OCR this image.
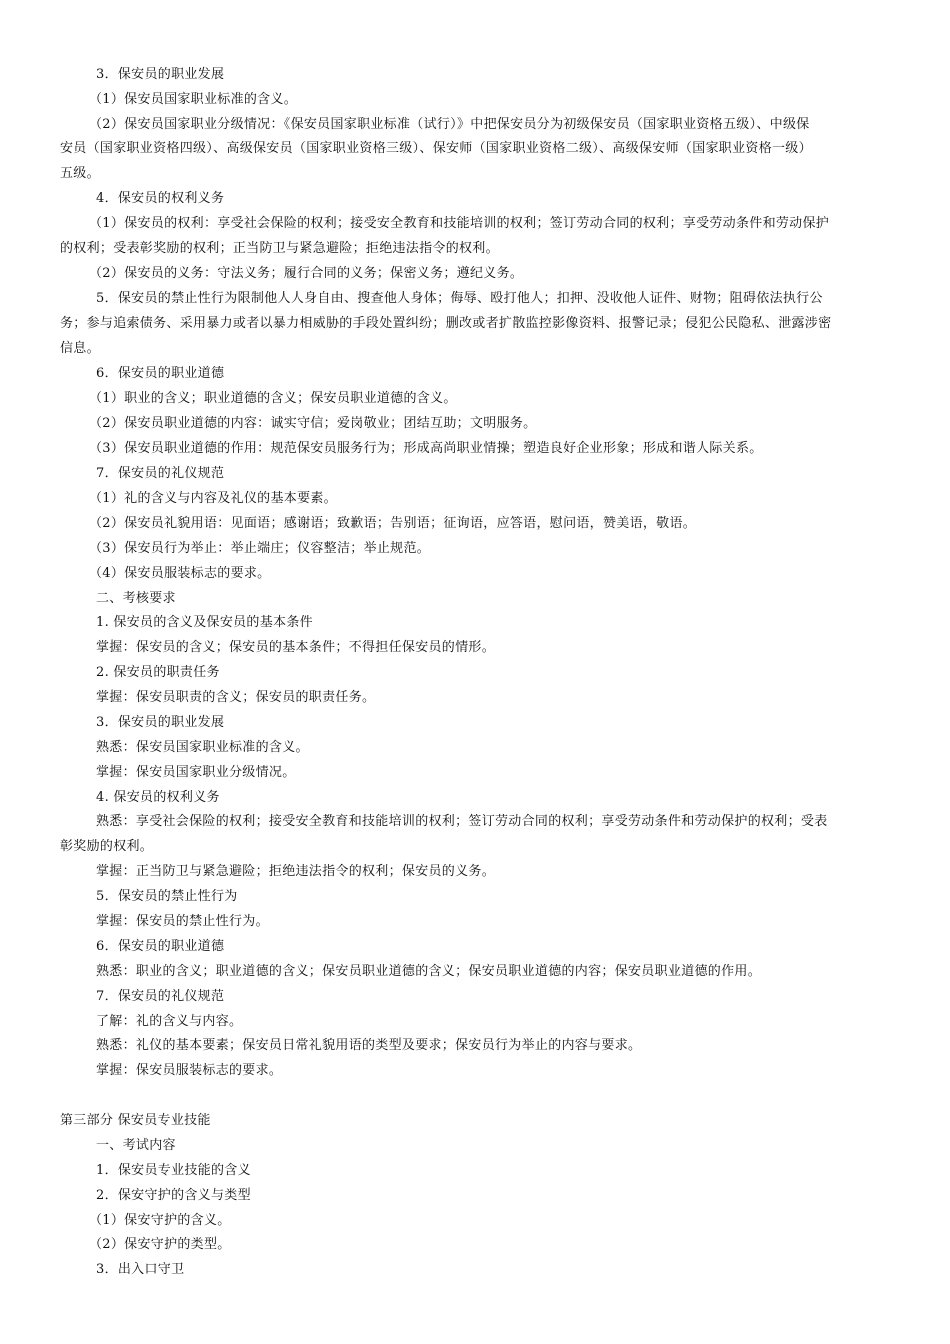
3．保安员的职业发展
（1）保安员国家职业标准的含义。
（2）保安员国家职业分级情况：《保安员国家职业标准（试行）》中把保安员分为初级保安员（国家职业资格五级）、中级保
安员（国家职业资格四级）、高级保安员（国家职业资格三级）、保安师（国家职业资格二级）、高级保安师（国家职业资格一级）
五级。
4．保安员的权利义务
（1）保安员的权利：享受社会保险的权利；接受安全教育和技能培训的权利；签订劳动合同的权利；享受劳动条件和劳动保护
的权利；受表彰奖励的权利；正当防卫与紧急避险；拒绝违法指令的权利。
（2）保安员的义务：守法义务；履行合同的义务；保密义务；遵纪义务。
5．保安员的禁止性行为限制他人人身自由、搜查他人身体；侮辱、殴打他人；扣押、没收他人证件、财物；阻碍依法执行公
务；参与追索债务、采用暴力或者以暴力相威胁的手段处置纠纷；删改或者扩散监控影像资料、报警记录；侵犯公民隐私、泄露涉密
信息。
6．保安员的职业道德
（1）职业的含义；职业道德的含义；保安员职业道德的含义。
（2）保安员职业道德的内容：诚实守信；爱岗敬业；团结互助；文明服务。
（3）保安员职业道德的作用：规范保安员服务行为；形成高尚职业情操；塑造良好企业形象；形成和谐人际关系。
7．保安员的礼仪规范
（1）礼的含义与内容及礼仪的基本要素。
（2）保安员礼貌用语：见面语；感谢语；致歉语；告别语；征询语，应答语，慰问语，赞美语，敬语。
（3）保安员行为举止：举止端庄；仪容整洁；举止规范。
（4）保安员服装标志的要求。
二、考核要求
1. 保安员的含义及保安员的基本条件
掌握：保安员的含义；保安员的基本条件；不得担任保安员的情形。
2. 保安员的职责任务
掌握：保安员职责的含义；保安员的职责任务。
3．保安员的职业发展
熟悉：保安员国家职业标准的含义。
掌握：保安员国家职业分级情况。
4. 保安员的权利义务
熟悉：享受社会保险的权利；接受安全教育和技能培训的权利；签订劳动合同的权利；享受劳动条件和劳动保护的权利；受表
彰奖励的权利。
掌握：正当防卫与紧急避险；拒绝违法指令的权利；保安员的义务。
5．保安员的禁止性行为
掌握：保安员的禁止性行为。
6．保安员的职业道德
熟悉：职业的含义；职业道德的含义；保安员职业道德的含义；保安员职业道德的内容；保安员职业道德的作用。
7．保安员的礼仪规范
了解：礼的含义与内容。
熟悉：礼仪的基本要素；保安员日常礼貌用语的类型及要求；保安员行为举止的内容与要求。
掌握：保安员服装标志的要求。
第三部分 保安员专业技能
一、考试内容
1．保安员专业技能的含义
2．保安守护的含义与类型
（1）保安守护的含义。
（2）保安守护的类型。
3．出入口守卫
